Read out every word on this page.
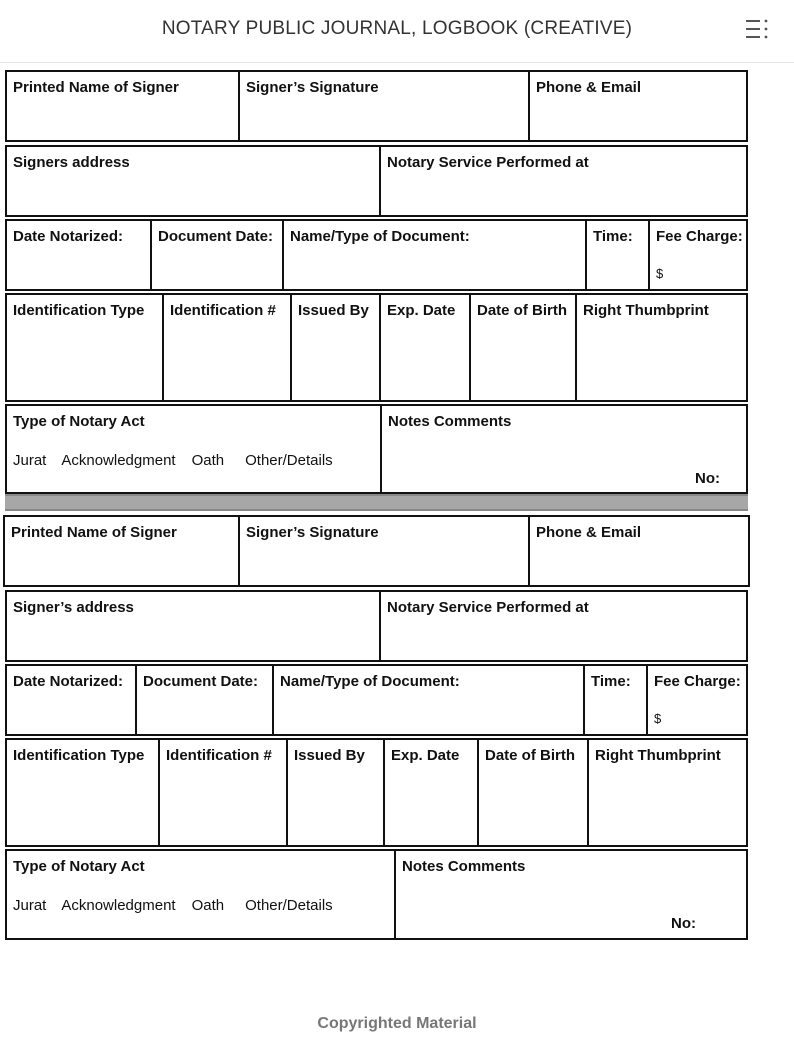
NOTARY PUBLIC JOURNAL, LOGBOOK (CREATIVE)
Printed Name of Signer	Signer’s Signature	Phone & Email
Signers address	Notary Service Performed at
Date Notarized:	Document Date:	Name/Type of Document:	Time:	Fee Charge:
$
Identification Type	Identification #	Issued By	Exp. Date	Date of Birth	Right Thumbprint
Type of Notary Act
Jurat Acknowledgment Oath Other/Details
Notes Comments
No:
Printed Name of Signer	Signer’s Signature	Phone & Email
Signer’s address	Notary Service Performed at
Date Notarized:	Document Date:	Name/Type of Document:	Time:	Fee Charge:
$
Identification Type	Identification #	Issued By	Exp. Date	Date of Birth	Right Thumbprint
Type of Notary Act
Jurat Acknowledgment Oath Other/Details
Notes Comments
No:
Copyrighted Material
